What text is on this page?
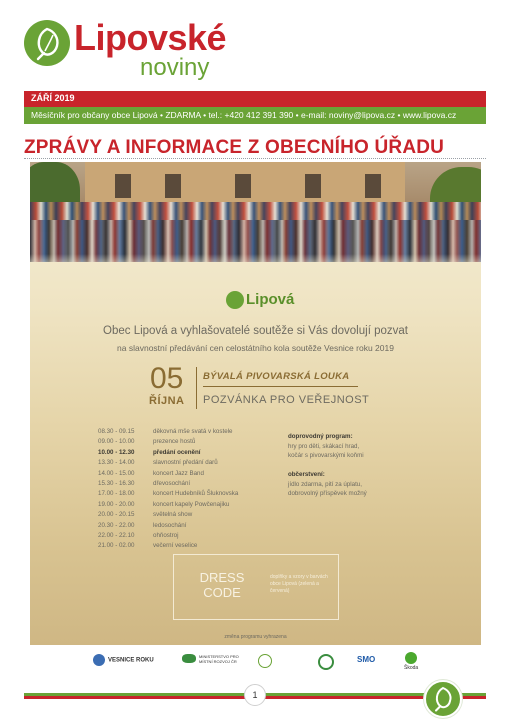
Lipovské
noviny
ZÁŘÍ 2019
Měsíčník pro občany obce Lipová • ZDARMA • tel.: +420 412 391 390 • e-mail: noviny@lipova.cz • www.lipova.cz
ZPRÁVY A INFORMACE Z OBECNÍHO ÚŘADU
Lipová
Obec Lipová a vyhlašovatelé soutěže si Vás dovolují pozvat
na slavnostní předávání cen celostátního kola soutěže Vesnice roku 2019
05
ŘÍJNA
BÝVALÁ PIVOVARSKÁ LOUKA
POZVÁNKA PRO VEŘEJNOST
08.30 - 09.15	děkovná mše svatá v kostele
09.00 - 10.00	prezence hostů
10.00 - 12.30	předání ocenění
13.30 - 14.00	slavnostní předání darů
14.00 - 15.00	koncert Jazz Band
15.30 - 16.30	dřevosochání
17.00 - 18.00	koncert Hudebníků Šluknovska
19.00 - 20.00	koncert kapely Powčenajiku
20.00 - 20.15	světelná show
20.30 - 22.00	ledosochání
22.00 - 22.10	ohňostroj
21.00 - 02.00	večerní veselice
doprovodný program:
hry pro děti, skákací hrad,
kočár s pivovarskými koňmi
občerstvení:
jídlo zdarma, pití za úplatu,
dobrovolný příspěvek možný
DRESS CODE
doplňky a vzory v barvách obce Lipová (zelená a červená)
změna programu vyhrazena
VESNICE ROKU
MINISTERSTVO PRO MÍSTNÍ ROZVOJ ČR	SMO
Škoda
1
